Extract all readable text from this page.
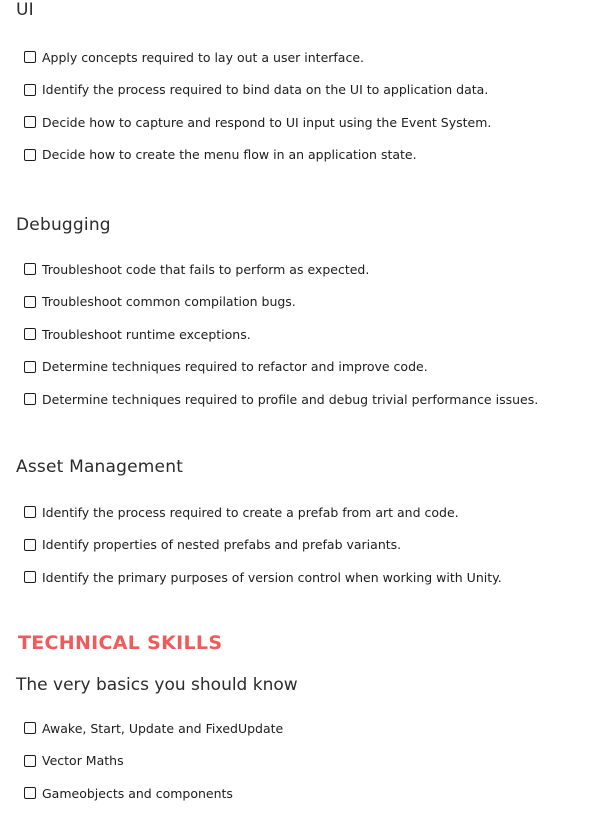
UI
Apply concepts required to lay out a user interface.
Identify the process required to bind data on the UI to application data.
Decide how to capture and respond to UI input using the Event System.
Decide how to create the menu flow in an application state.
Debugging
Troubleshoot code that fails to perform as expected.
Troubleshoot common compilation bugs.
Troubleshoot runtime exceptions.
Determine techniques required to refactor and improve code.
Determine techniques required to profile and debug trivial performance issues.
Asset Management
Identify the process required to create a prefab from art and code.
Identify properties of nested prefabs and prefab variants.
Identify the primary purposes of version control when working with Unity.
TECHNICAL SKILLS
The very basics you should know
Awake, Start, Update and FixedUpdate
Vector Maths
Gameobjects and components
